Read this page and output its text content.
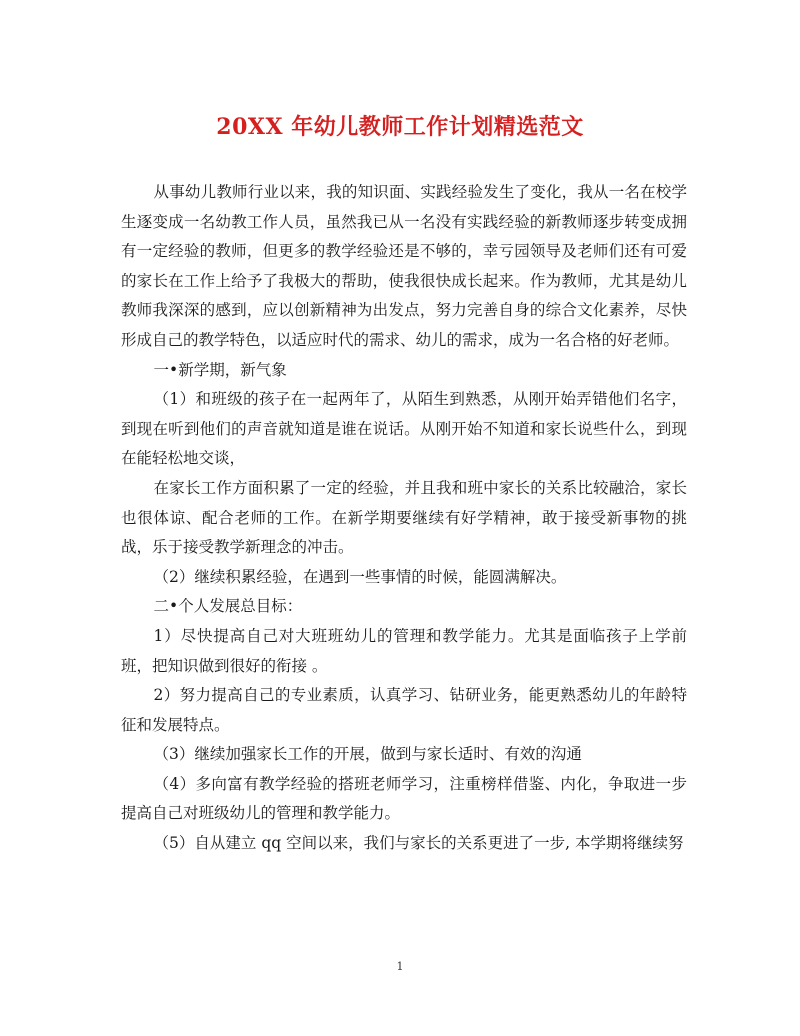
20XX 年幼儿教师工作计划精选范文

从事幼儿教师行业以来，我的知识面、实践经验发生了变化，我从一名在校学生逐变成一名幼教工作人员，虽然我已从一名没有实践经验的新教师逐步转变成拥有一定经验的教师，但更多的教学经验还是不够的，幸亏园领导及老师们还有可爱的家长在工作上给予了我极大的帮助，使我很快成长起来。作为教师，尤其是幼儿教师我深深的感到，应以创新精神为出发点，努力完善自身的综合文化素养，尽快形成自己的教学特色，以适应时代的需求、幼儿的需求，成为一名合格的好老师。

一•新学期，新气象

（1）和班级的孩子在一起两年了，从陌生到熟悉，从刚开始弄错他们名字，到现在听到他们的声音就知道是谁在说话。从刚开始不知道和家长说些什么，到现在能轻松地交谈，

在家长工作方面积累了一定的经验，并且我和班中家长的关系比较融洽，家长也很体谅、配合老师的工作。在新学期要继续有好学精神，敢于接受新事物的挑战，乐于接受教学新理念的冲击。

（2）继续积累经验，在遇到一些事情的时候，能圆满解决。

二•个人发展总目标：

1）尽快提高自己对大班班幼儿的管理和教学能力。尤其是面临孩子上学前班，把知识做到很好的衔接 。

2）努力提高自己的专业素质，认真学习、钻研业务，能更熟悉幼儿的年龄特征和发展特点。

（3）继续加强家长工作的开展，做到与家长适时、有效的沟通

（4）多向富有教学经验的搭班老师学习，注重榜样借鉴、内化，争取进一步提高自己对班级幼儿的管理和教学能力。

（5）自从建立 qq 空间以来，我们与家长的关系更进了一步, 本学期将继续努

1
